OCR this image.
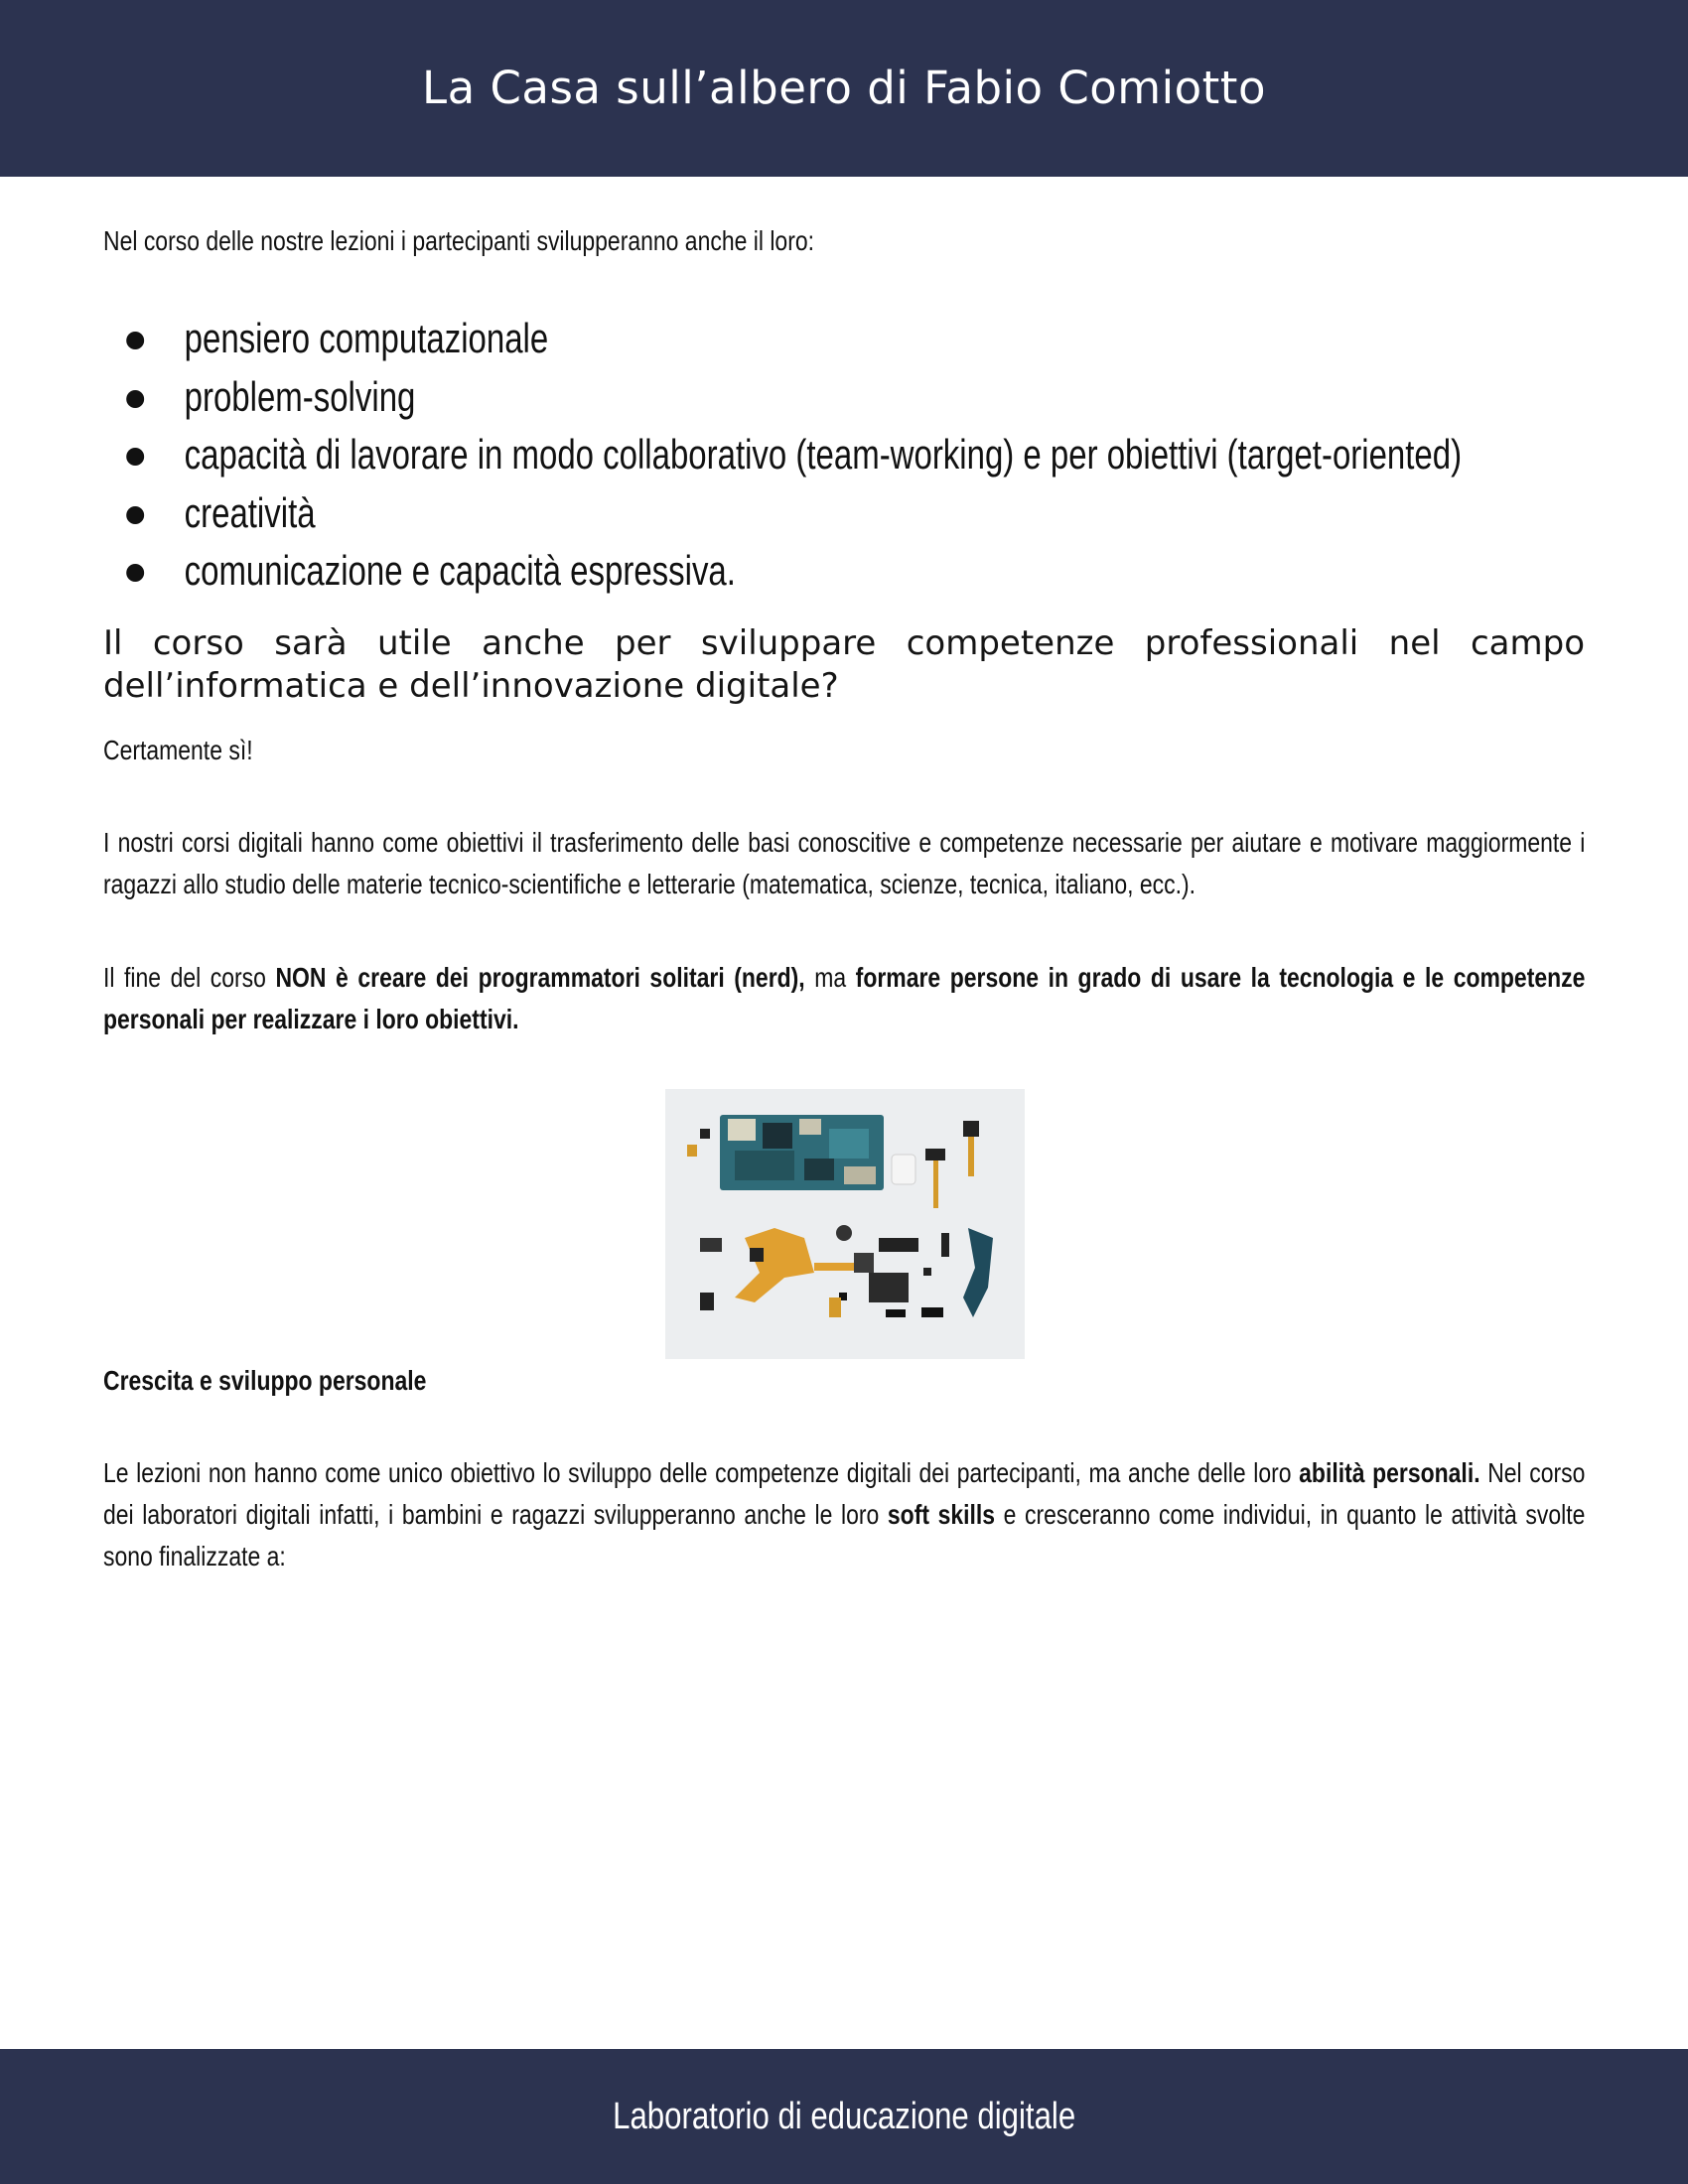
La Casa sull’albero di Fabio Comiotto
Nel corso delle nostre lezioni i partecipanti svilupperanno anche il loro:
pensiero computazionale
problem-solving
capacità di lavorare in modo collaborativo (team-working) e per obiettivi (target-oriented)
creatività
comunicazione e capacità espressiva.
Il corso sarà utile anche per sviluppare competenze professionali nel campo
dell’informatica e dell’innovazione digitale?
Certamente sì!
I nostri corsi digitali hanno come obiettivi il trasferimento delle basi conoscitive e competenze necessarie per aiutare e motivare maggiormente i ragazzi allo studio delle materie tecnico-scientifiche e letterarie (matematica, scienze, tecnica, italiano, ecc.).
Il fine del corso NON è creare dei programmatori solitari (nerd), ma formare persone in grado di usare la tecnologia e le competenze personali per realizzare i loro obiettivi.
Crescita e sviluppo personale
Le lezioni non hanno come unico obiettivo lo sviluppo delle competenze digitali dei partecipanti, ma anche delle loro abilità personali. Nel corso dei laboratori digitali infatti, i bambini e ragazzi svilupperanno anche le loro soft skills e cresceranno come individui, in quanto le attività svolte sono finalizzate a:
Laboratorio di educazione digitale
